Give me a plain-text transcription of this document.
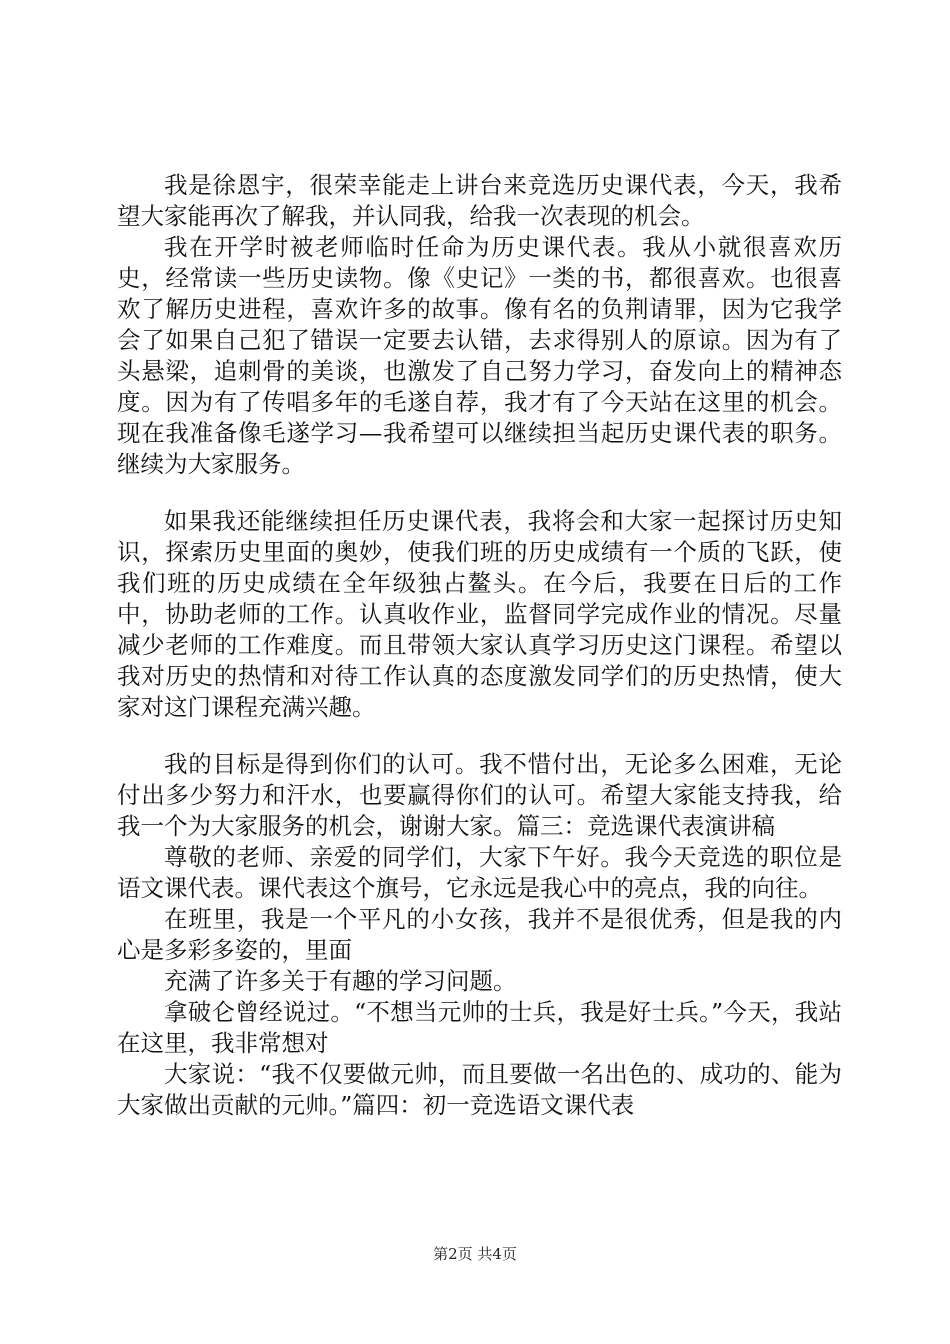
我是徐恩宇，很荣幸能走上讲台来竞选历史课代表，今天，我希望大家能再次了解我，并认同我，给我一次表现的机会。

我在开学时被老师临时任命为历史课代表。我从小就很喜欢历史，经常读一些历史读物。像《史记》一类的书，都很喜欢。也很喜欢了解历史进程，喜欢许多的故事。像有名的负荆请罪，因为它我学会了如果自己犯了错误一定要去认错，去求得别人的原谅。因为有了头悬梁，追刺骨的美谈，也激发了自己努力学习，奋发向上的精神态度。因为有了传唱多年的毛遂自荐，我才有了今天站在这里的机会。现在我准备像毛遂学习—我希望可以继续担当起历史课代表的职务。继续为大家服务。

如果我还能继续担任历史课代表，我将会和大家一起探讨历史知识，探索历史里面的奥妙，使我们班的历史成绩有一个质的飞跃，使我们班的历史成绩在全年级独占鳌头。在今后，我要在日后的工作中，协助老师的工作。认真收作业，监督同学完成作业的情况。尽量减少老师的工作难度。而且带领大家认真学习历史这门课程。希望以我对历史的热情和对待工作认真的态度激发同学们的历史热情，使大家对这门课程充满兴趣。

我的目标是得到你们的认可。我不惜付出，无论多么困难，无论付出多少努力和汗水，也要赢得你们的认可。希望大家能支持我，给我一个为大家服务的机会，谢谢大家。篇三：竞选课代表演讲稿

尊敬的老师、亲爱的同学们，大家下午好。我今天竞选的职位是语文课代表。课代表这个旗号，它永远是我心中的亮点，我的向往。

在班里，我是一个平凡的小女孩，我并不是很优秀，但是我的内心是多彩多姿的，里面

充满了许多关于有趣的学习问题。

拿破仑曾经说过。“不想当元帅的士兵，我是好士兵。”今天，我站在这里，我非常想对

大家说：“我不仅要做元帅，而且要做一名出色的、成功的、能为大家做出贡献的元帅。”篇四：初一竞选语文课代表

第2页 共4页
